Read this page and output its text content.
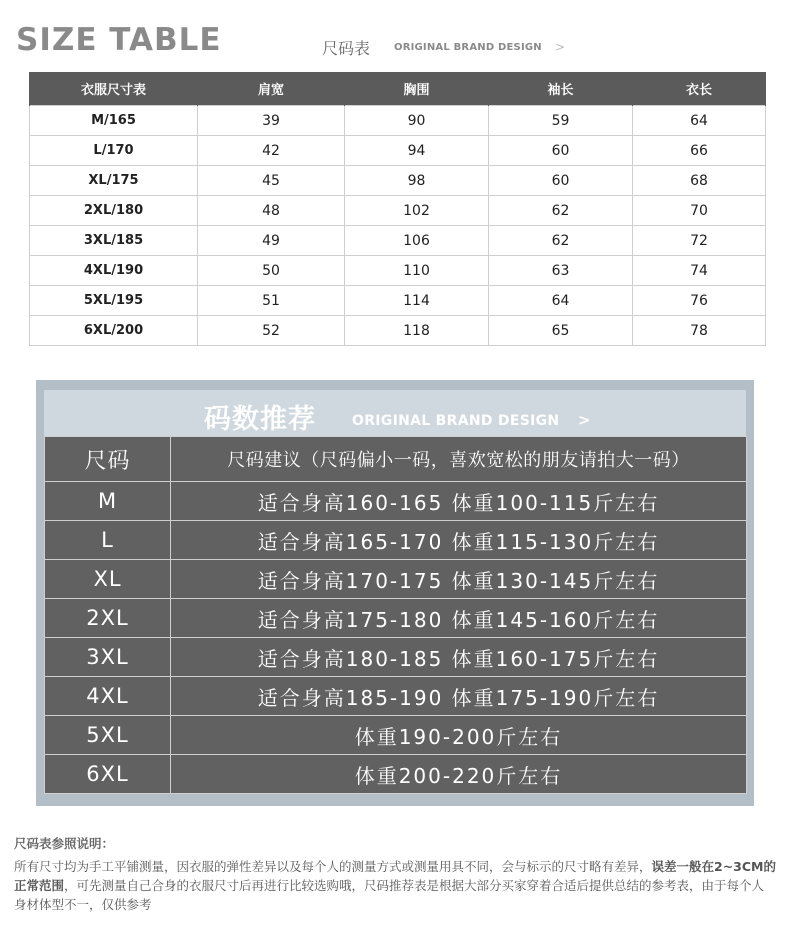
SIZE TABLE	尺码表 ORIGINAL BRAND DESIGN >
衣服尺寸表	肩宽	胸围	袖长	衣长
M/165	39	90	59	64
L/170	42	94	60	66
XL/175	45	98	60	68
2XL/180	48	102	62	70
3XL/185	49	106	62	72
4XL/190	50	110	63	74
5XL/195	51	114	64	76
6XL/200	52	118	65	78
码数推荐	ORIGINAL BRAND DESIGN >
尺码	尺码建议（尺码偏小一码，喜欢宽松的朋友请拍大一码）
M	适合身高160-165 体重100-115斤左右
L	适合身高165-170 体重115-130斤左右
XL	适合身高170-175 体重130-145斤左右
2XL	适合身高175-180 体重145-160斤左右
3XL	适合身高180-185 体重160-175斤左右
4XL	适合身高185-190 体重175-190斤左右
5XL	体重190-200斤左右
6XL	体重200-220斤左右
尺码表参照说明：
所有尺寸均为手工平铺测量，因衣服的弹性差异以及每个人的测量方式或测量用具不同，会与标示的尺寸略有差异，误差一般在2~3CM的正常范围，可先测量自己合身的衣服尺寸后再进行比较选购哦，尺码推荐表是根据大部分买家穿着合适后提供总结的参考表，由于每个人身材体型不一，仅供参考
